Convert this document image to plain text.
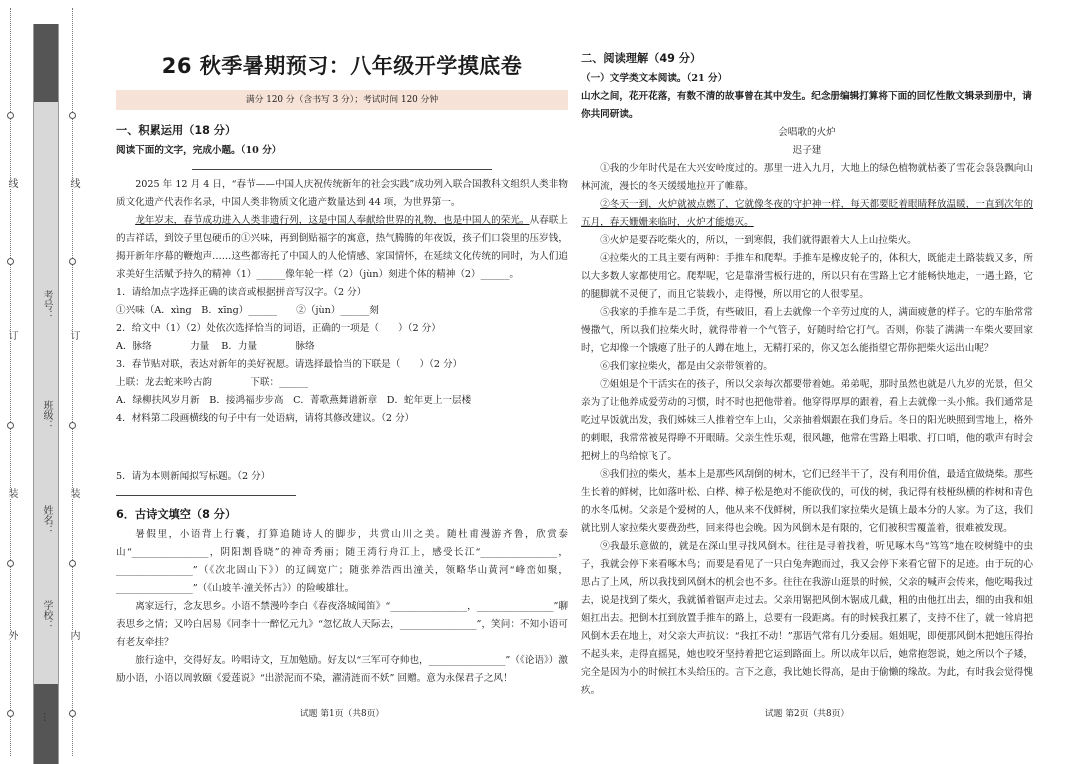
线
订
装
外
线
订
装
内
考号：
班级：
姓名：
学校：
…
26 秋季暑期预习：八年级开学摸底卷
满分 120 分（含书写 3 分）；考试时间 120 分钟
一、积累运用（18 分）
阅读下面的文字，完成小题。（10 分）
2025 年 12 月 4 日，“春节——中国人庆祝传统新年的社会实践”成功列入联合国教科文组织人类非物质文化遗产代表作名录，中国人类非物质文化遗产数量达到 44 项，为世界第一。
龙年岁末，春节成功进入人类非遗行列，这是中国人奉献给世界的礼物，也是中国人的荣光。从春联上的吉祥话，到饺子里包硬币的①兴味，再到倒贴福字的寓意，热气腾腾的年夜饭，孩子们口袋里的压岁钱，揭开新年序幕的鞭炮声……这些都寄托了中国人的人伦情感、家国情怀，在延续文化传统的同时，为人们追求美好生活赋予持久的精神（1）______像年轮一样（2）（jùn）刻进个体的精神（2）______。
1．请给加点字选择正确的读音或根据拼音写汉字。（2 分）
①兴味（A．xìng　B．xīng）______　　②（jùn）______刻
2．给文中（1）（2）处依次选择恰当的词语，正确的一项是（　　）（2 分）
A．脉络　　　　力量 B．力量　　　　脉络
3．春节贴对联，表达对新年的美好祝愿。请选择最恰当的下联是（　　）（2 分）
上联：龙去蛇来吟古韵　　　　下联：______
A．绿柳扶风岁月新　B．接鸿福步步高　C．菁歌燕舞谱新章　D．蛇年更上一层楼
4．材料第二段画横线的句子中有一处语病，请将其修改建议。（2 分）
5．请为本则新闻拟写标题。（2 分）
6．古诗文填空（8 分）
暑假里，小语背上行囊，打算追随诗人的脚步，共赏山川之美。随杜甫漫游齐鲁，欣赏泰山“________________，阴阳割昏晓”的神奇秀丽；随王湾行舟江上，感受长江“________________，________________”（《次北固山下》）的辽阔宽广；随张养浩西出潼关，领略华山黄河“峰峦如聚，________________”（《山坡羊·潼关怀古》）的险峻雄壮。
离家远行，念友思乡。小语不禁漫吟李白《春夜洛城闻笛》“________________，________________”聊表思乡之情；又吟白居易《同李十一醉忆元九》“忽忆故人天际去，________________”，笑问：不知小语可有老友牵挂？
旅行途中，交得好友。吟唱诗文，互加勉励。好友以“三军可夺帅也，________________”（《论语》）激励小语，小语以周敦颐《爱莲说》“出淤泥而不染，濯清涟而不妖” 回赠。意为永保君子之风！
试题 第1页（共8页）
二、阅读理解（49 分）
（一）文学类文本阅读。（21 分）
山水之间，花开花落，有数不清的故事曾在其中发生。纪念册编辑打算将下面的回忆性散文辑录到册中，请你共同研读。
会唱歌的火炉
迟子建
①我的少年时代是在大兴安岭度过的。那里一进入九月，大地上的绿色植物就枯萎了雪花会袅袅飘向山林河流，漫长的冬天缓缓地拉开了帷幕。
②冬天一到，火炉就被点燃了，它就像冬夜的守护神一样，每天都要眨着眼睛释放温暖，一直到次年的五月，春天姗姗来临时，火炉才能熄灭。
③火炉是要吞吃柴火的，所以，一到寒假，我们就得跟着大人上山拉柴火。
④拉柴火的工具主要有两种：手推车和爬犁。手推车是橡皮轮子的，体积大，既能走土路装载又多，所以大多数人家都使用它。爬犁呢，它是靠滑雪板行进的，所以只有在雪路上它才能畅快地走，一遇土路，它的腿脚就不灵便了，而且它装载小，走得慢，所以用它的人很零星。
⑤我家的手推车是二手货，有些破旧，看上去就像一个辛劳过度的人，满面疲惫的样子。它的车胎常常慢撒气，所以我们拉柴火时，就得带着一个气管子，好随时给它打气。否则，你装了满满一车柴火要回家时，它却像一个饿瘪了肚子的人蹲在地上，无精打采的，你又怎么能指望它帮你把柴火运出山呢？
⑥我们家拉柴火，都是由父亲带领着的。
⑦姐姐是个干活实在的孩子，所以父亲每次都要带着她。弟弟呢，那时虽然也就是八九岁的光景，但父亲为了让他养成爱劳动的习惯，时不时也把他带着。他穿得厚厚的跟着，看上去就像一头小熊。我们通常是吃过早饭就出发，我们姊妹三人推着空车上山，父亲抽着烟跟在我们身后。冬日的阳光映照到雪地上，格外的刺眼，我常常被晃得睁不开眼睛。父亲生性乐观，很风趣，他常在雪路上唱歌、打口哨，他的歌声有时会把树上的鸟给惊飞了。
⑧我们拉的柴火，基本上是那些风刮倒的树木，它们已经半干了，没有利用价值，最适宜做烧柴。那些生长着的鲜树，比如落叶松、白桦、樟子松是绝对不能砍伐的，可伐的树，我记得有枝桠纵横的柞树和青色的水冬瓜树。父亲是个爱树的人，他从来不伐鲜树，所以我们家拉柴火是镇上最本分的人家。为了这，我们就比别人家拉柴火要费劲些，回来得也会晚。因为风倒木是有限的，它们被积雪覆盖着，很难被发现。
⑨我最乐意做的，就是在深山里寻找风倒木。往往是寻着找着，听见啄木鸟“笃笃”地在咬树缝中的虫子，我就会停下来看啄木鸟；而要是看见了一只白兔奔跑而过，我又会停下来看它留下的足迹。由于玩的心思占了上风，所以我找到风倒木的机会也不多。往往在我游山逛景的时候，父亲的喊声会传来，他吃喝我过去，说是找到了柴火，我就循着锯声走过去。父亲用锯把风倒木锯成几截，粗的由他扛出去，细的由我和姐姐扛出去。把倒木扛到放置手推车的路上，总要有一段距离。有的时候我扛累了，支持不住了，就一耸肩把风倒木丢在地上，对父亲大声抗议：“我扛不动！”那语气常有几分委屈。姐姐呢，即便那风倒木把她压得抬不起头来，走得直摇晃，她也咬牙坚持着把它运到路面上。所以成年以后，她常抱怨说，她之所以个子矮，完全是因为小的时候扛木头给压的。言下之意，我比她长得高，是由于偷懒的缘故。为此，有时我会觉得愧疚。
试题 第2页（共8页）
